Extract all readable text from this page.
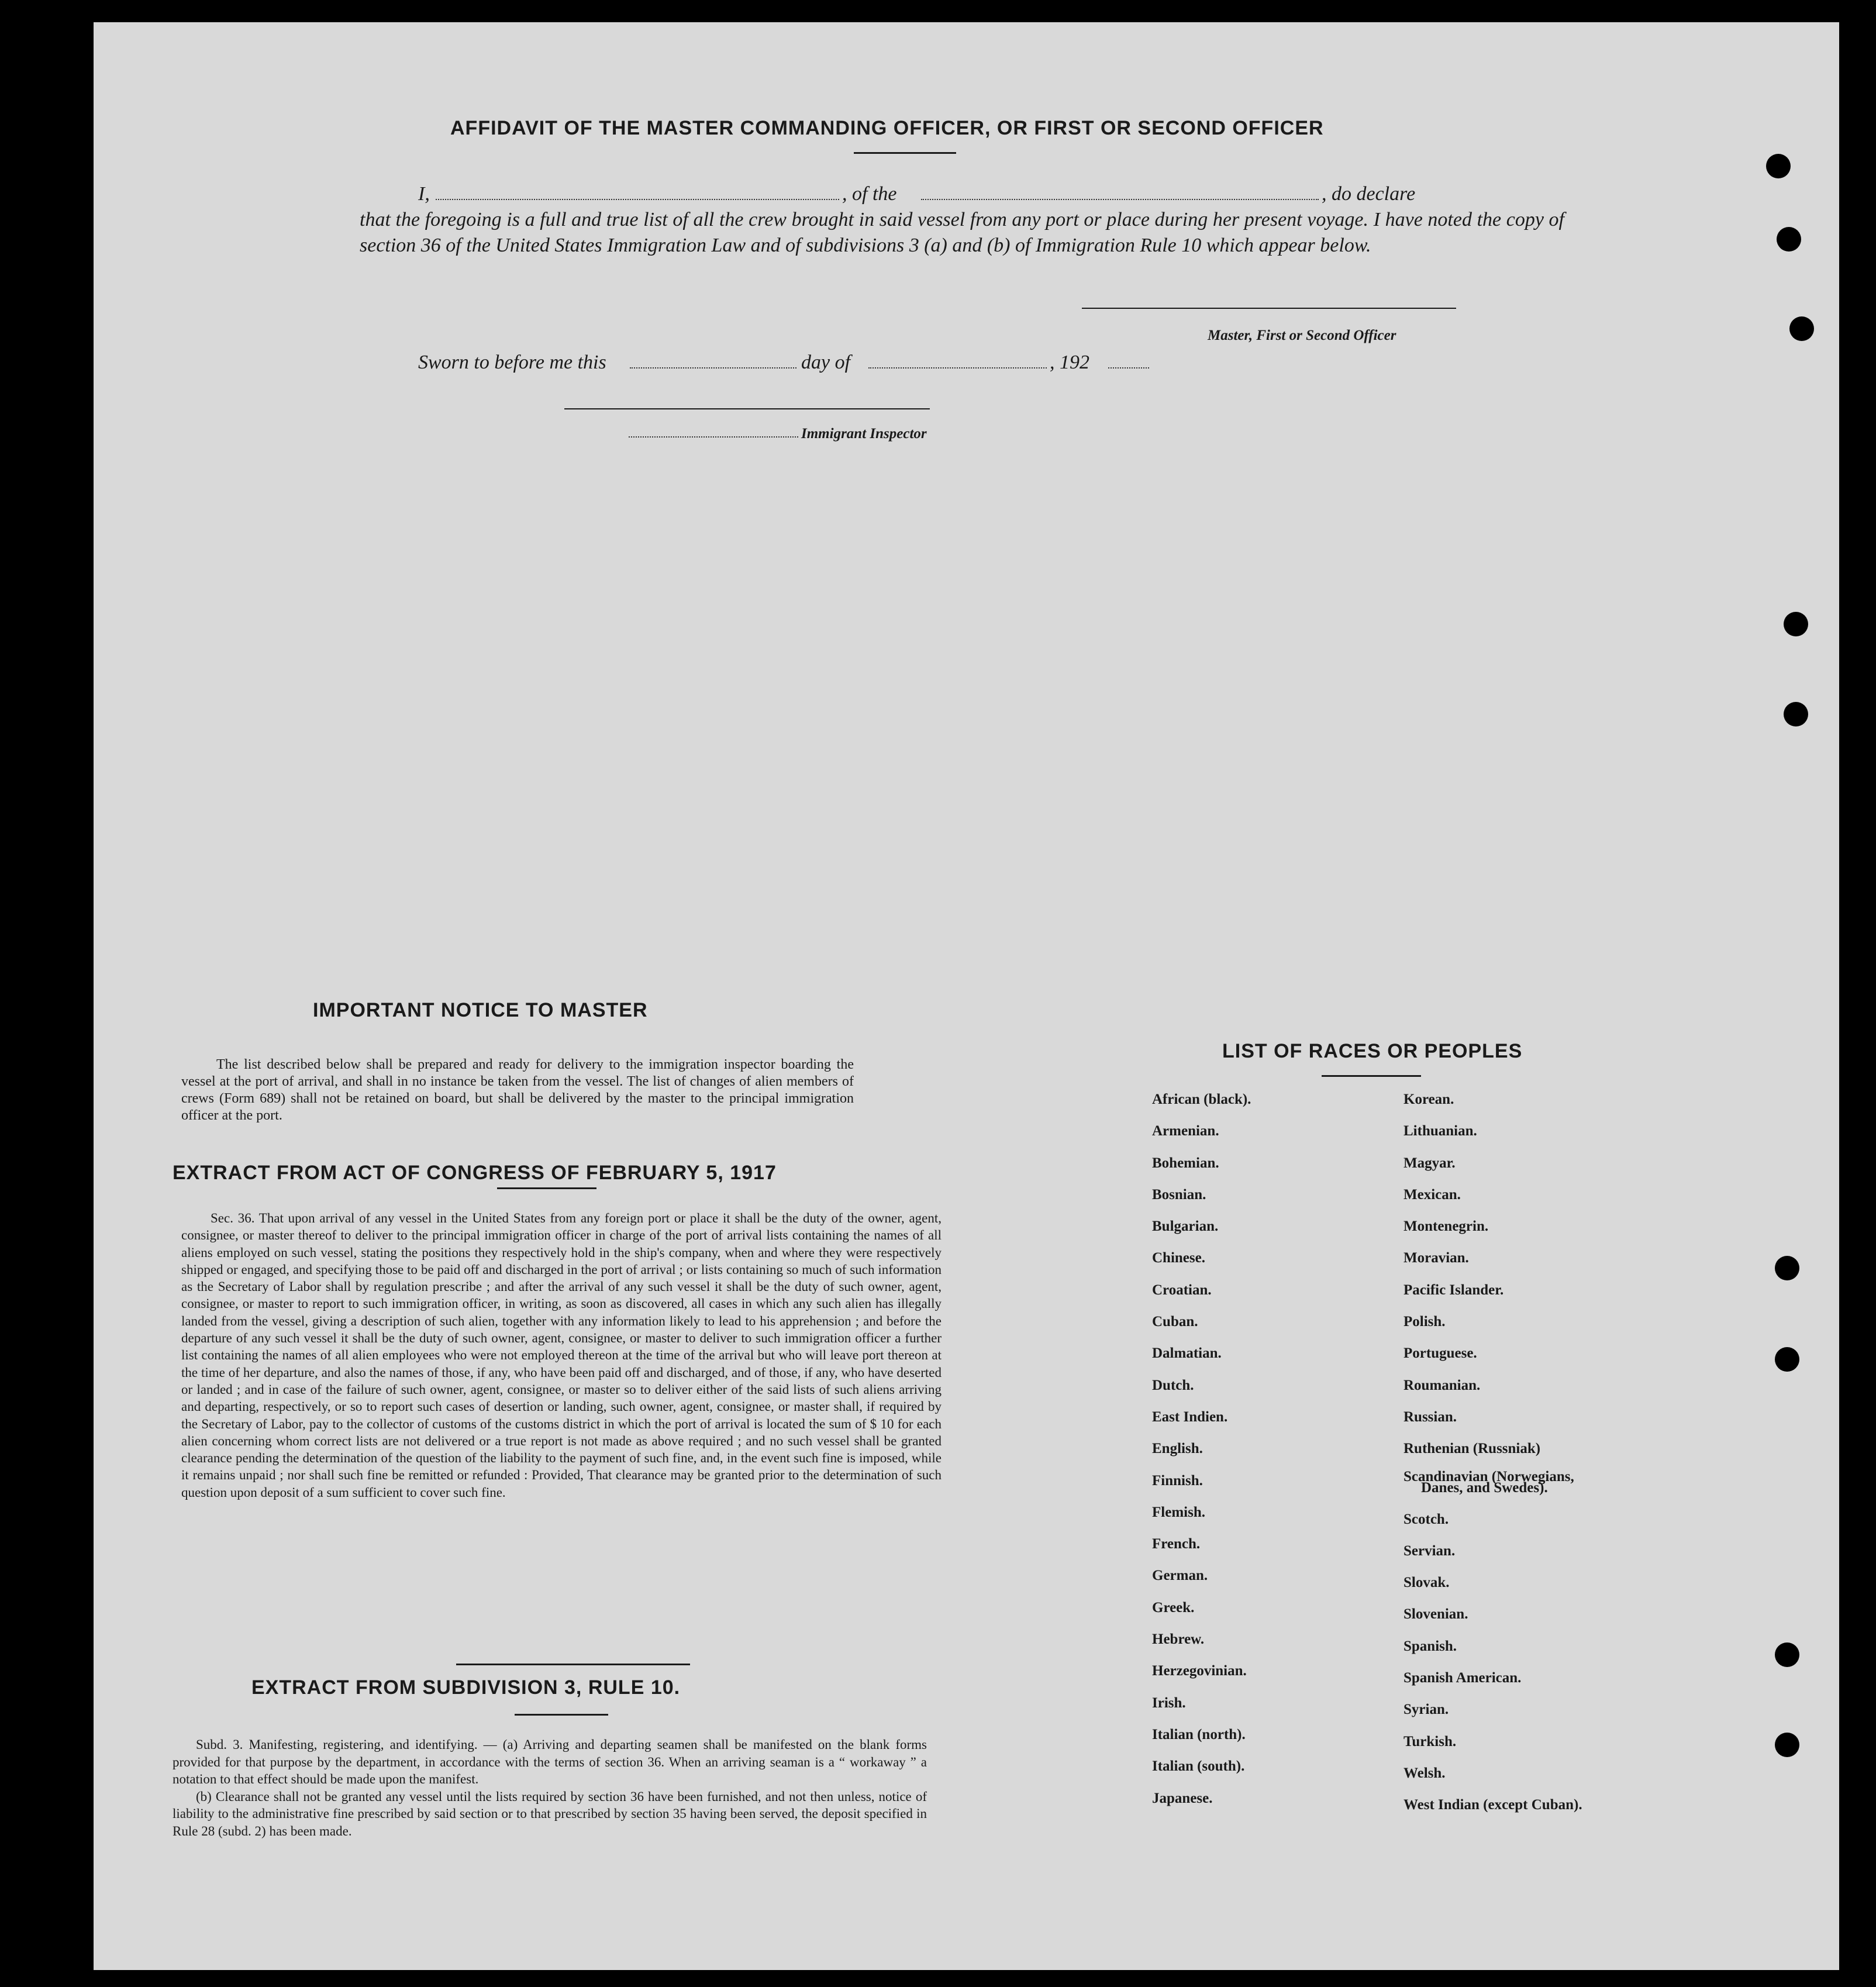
AFFIDAVIT OF THE MASTER COMMANDING OFFICER, OR FIRST OR SECOND OFFICER
I,	, of the	, do declare
that the foregoing is a full and true list of all the crew brought in said vessel from any port or place during her present voyage. I have noted the copy of section 36 of the United States Immigration Law and of subdivisions 3 (a) and (b) of Immigration Rule 10 which appear below.
Master, First or Second Officer
Sworn to before me this	day of	, 192
Immigrant Inspector
IMPORTANT NOTICE TO MASTER
The list described below shall be prepared and ready for delivery to the immigration inspector boarding the vessel at the port of arrival, and shall in no instance be taken from the vessel. The list of changes of alien members of crews (Form 689) shall not be retained on board, but shall be delivered by the master to the principal immigration officer at the port.
EXTRACT FROM ACT OF CONGRESS OF FEBRUARY 5, 1917
Sec. 36. That upon arrival of any vessel in the United States from any foreign port or place it shall be the duty of the owner, agent, consignee, or master thereof to deliver to the principal immigration officer in charge of the port of arrival lists containing the names of all aliens employed on such vessel, stating the positions they respectively hold in the ship's company, when and where they were respectively shipped or engaged, and specifying those to be paid off and discharged in the port of arrival ; or lists containing so much of such information as the Secretary of Labor shall by regulation prescribe ; and after the arrival of any such vessel it shall be the duty of such owner, agent, consignee, or master to report to such immigration officer, in writing, as soon as discovered, all cases in which any such alien has illegally landed from the vessel, giving a description of such alien, together with any information likely to lead to his apprehension ; and before the departure of any such vessel it shall be the duty of such owner, agent, consignee, or master to deliver to such immigration officer a further list containing the names of all alien employees who were not employed thereon at the time of the arrival but who will leave port thereon at the time of her departure, and also the names of those, if any, who have been paid off and discharged, and of those, if any, who have deserted or landed ; and in case of the failure of such owner, agent, consignee, or master so to deliver either of the said lists of such aliens arriving and departing, respectively, or so to report such cases of desertion or landing, such owner, agent, consignee, or master shall, if required by the Secretary of Labor, pay to the collector of customs of the customs district in which the port of arrival is located the sum of $ 10 for each alien concerning whom correct lists are not delivered or a true report is not made as above required ; and no such vessel shall be granted clearance pending the determination of the question of the liability to the payment of such fine, and, in the event such fine is imposed, while it remains unpaid ; nor shall such fine be remitted or refunded : Provided, That clearance may be granted prior to the determination of such question upon deposit of a sum sufficient to cover such fine.
EXTRACT FROM SUBDIVISION 3, RULE 10.

Subd. 3. Manifesting, registering, and identifying. — (a) Arriving and departing seamen shall be manifested on the blank forms provided for that purpose by the department, in accordance with the terms of section 36. When an arriving seaman is a “ workaway ” a notation to that effect should be made upon the manifest.

(b) Clearance shall not be granted any vessel until the lists required by section 36 have been furnished, and not then unless, notice of liability to the administrative fine prescribed by said section or to that prescribed by section 35 having been served, the deposit specified in Rule 28 (subd. 2) has been made.

LIST OF RACES OR PEOPLES
African (black).
Armenian.
Bohemian.
Bosnian.
Bulgarian.
Chinese.
Croatian.
Cuban.
Dalmatian.
Dutch.
East Indien.
English.
Finnish.
Flemish.
French.
German.
Greek.
Hebrew.
Herzegovinian.
Irish.
Italian (north).
Italian (south).
Japanese.
Korean.
Lithuanian.
Magyar.
Mexican.
Montenegrin.
Moravian.
Pacific Islander.
Polish.
Portuguese.
Roumanian.
Russian.
Ruthenian (Russniak)
Scandinavian (Norwegians,
Danes, and Swedes).
Scotch.
Servian.
Slovak.
Slovenian.
Spanish.
Spanish American.
Syrian.
Turkish.
Welsh.
West Indian (except Cuban).
